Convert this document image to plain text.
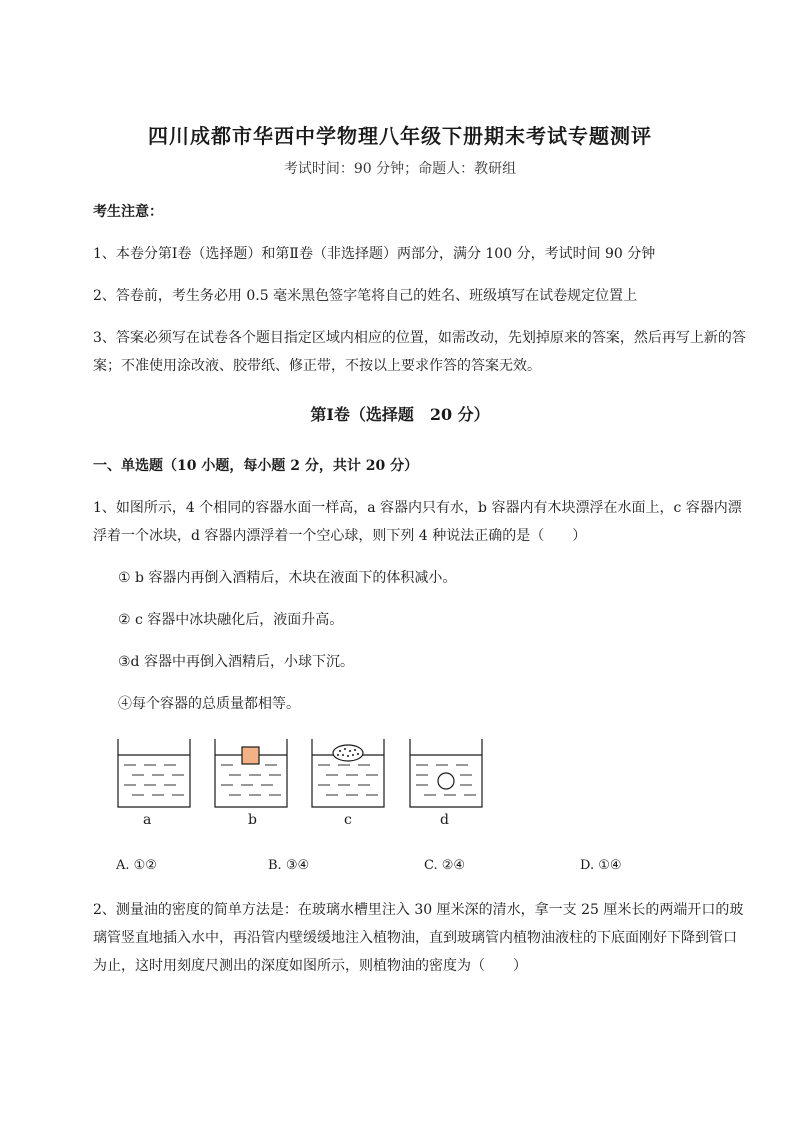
四川成都市华西中学物理八年级下册期末考试专题测评
考试时间：90 分钟；命题人：教研组
考生注意：
1、本卷分第Ⅰ卷（选择题）和第Ⅱ卷（非选择题）两部分，满分 100 分，考试时间 90 分钟
2、答卷前，考生务必用 0.5 毫米黑色签字笔将自己的姓名、班级填写在试卷规定位置上
3、答案必须写在试卷各个题目指定区域内相应的位置，如需改动，先划掉原来的答案，然后再写上新的答案；不准使用涂改液、胶带纸、修正带，不按以上要求作答的答案无效。
第Ⅰ卷（选择题　20 分）
一、单选题（10 小题，每小题 2 分，共计 20 分）
1、如图所示，4 个相同的容器水面一样高，a 容器内只有水，b 容器内有木块漂浮在水面上，c 容器内漂浮着一个冰块，d 容器内漂浮着一个空心球，则下列 4 种说法正确的是（　　）
① b 容器内再倒入酒精后，木块在液面下的体积减小。
② c 容器中冰块融化后，液面升高。
③d 容器中再倒入酒精后，小球下沉。
④每个容器的总质量都相等。
a	b	c	d
A. ①②	B. ③④	C. ②④	D. ①④
2、测量油的密度的简单方法是：在玻璃水槽里注入 30 厘米深的清水，拿一支 25 厘米长的两端开口的玻璃管竖直地插入水中，再沿管内壁缓缓地注入植物油，直到玻璃管内植物油液柱的下底面刚好下降到管口为止，这时用刻度尺测出的深度如图所示，则植物油的密度为（　　）
